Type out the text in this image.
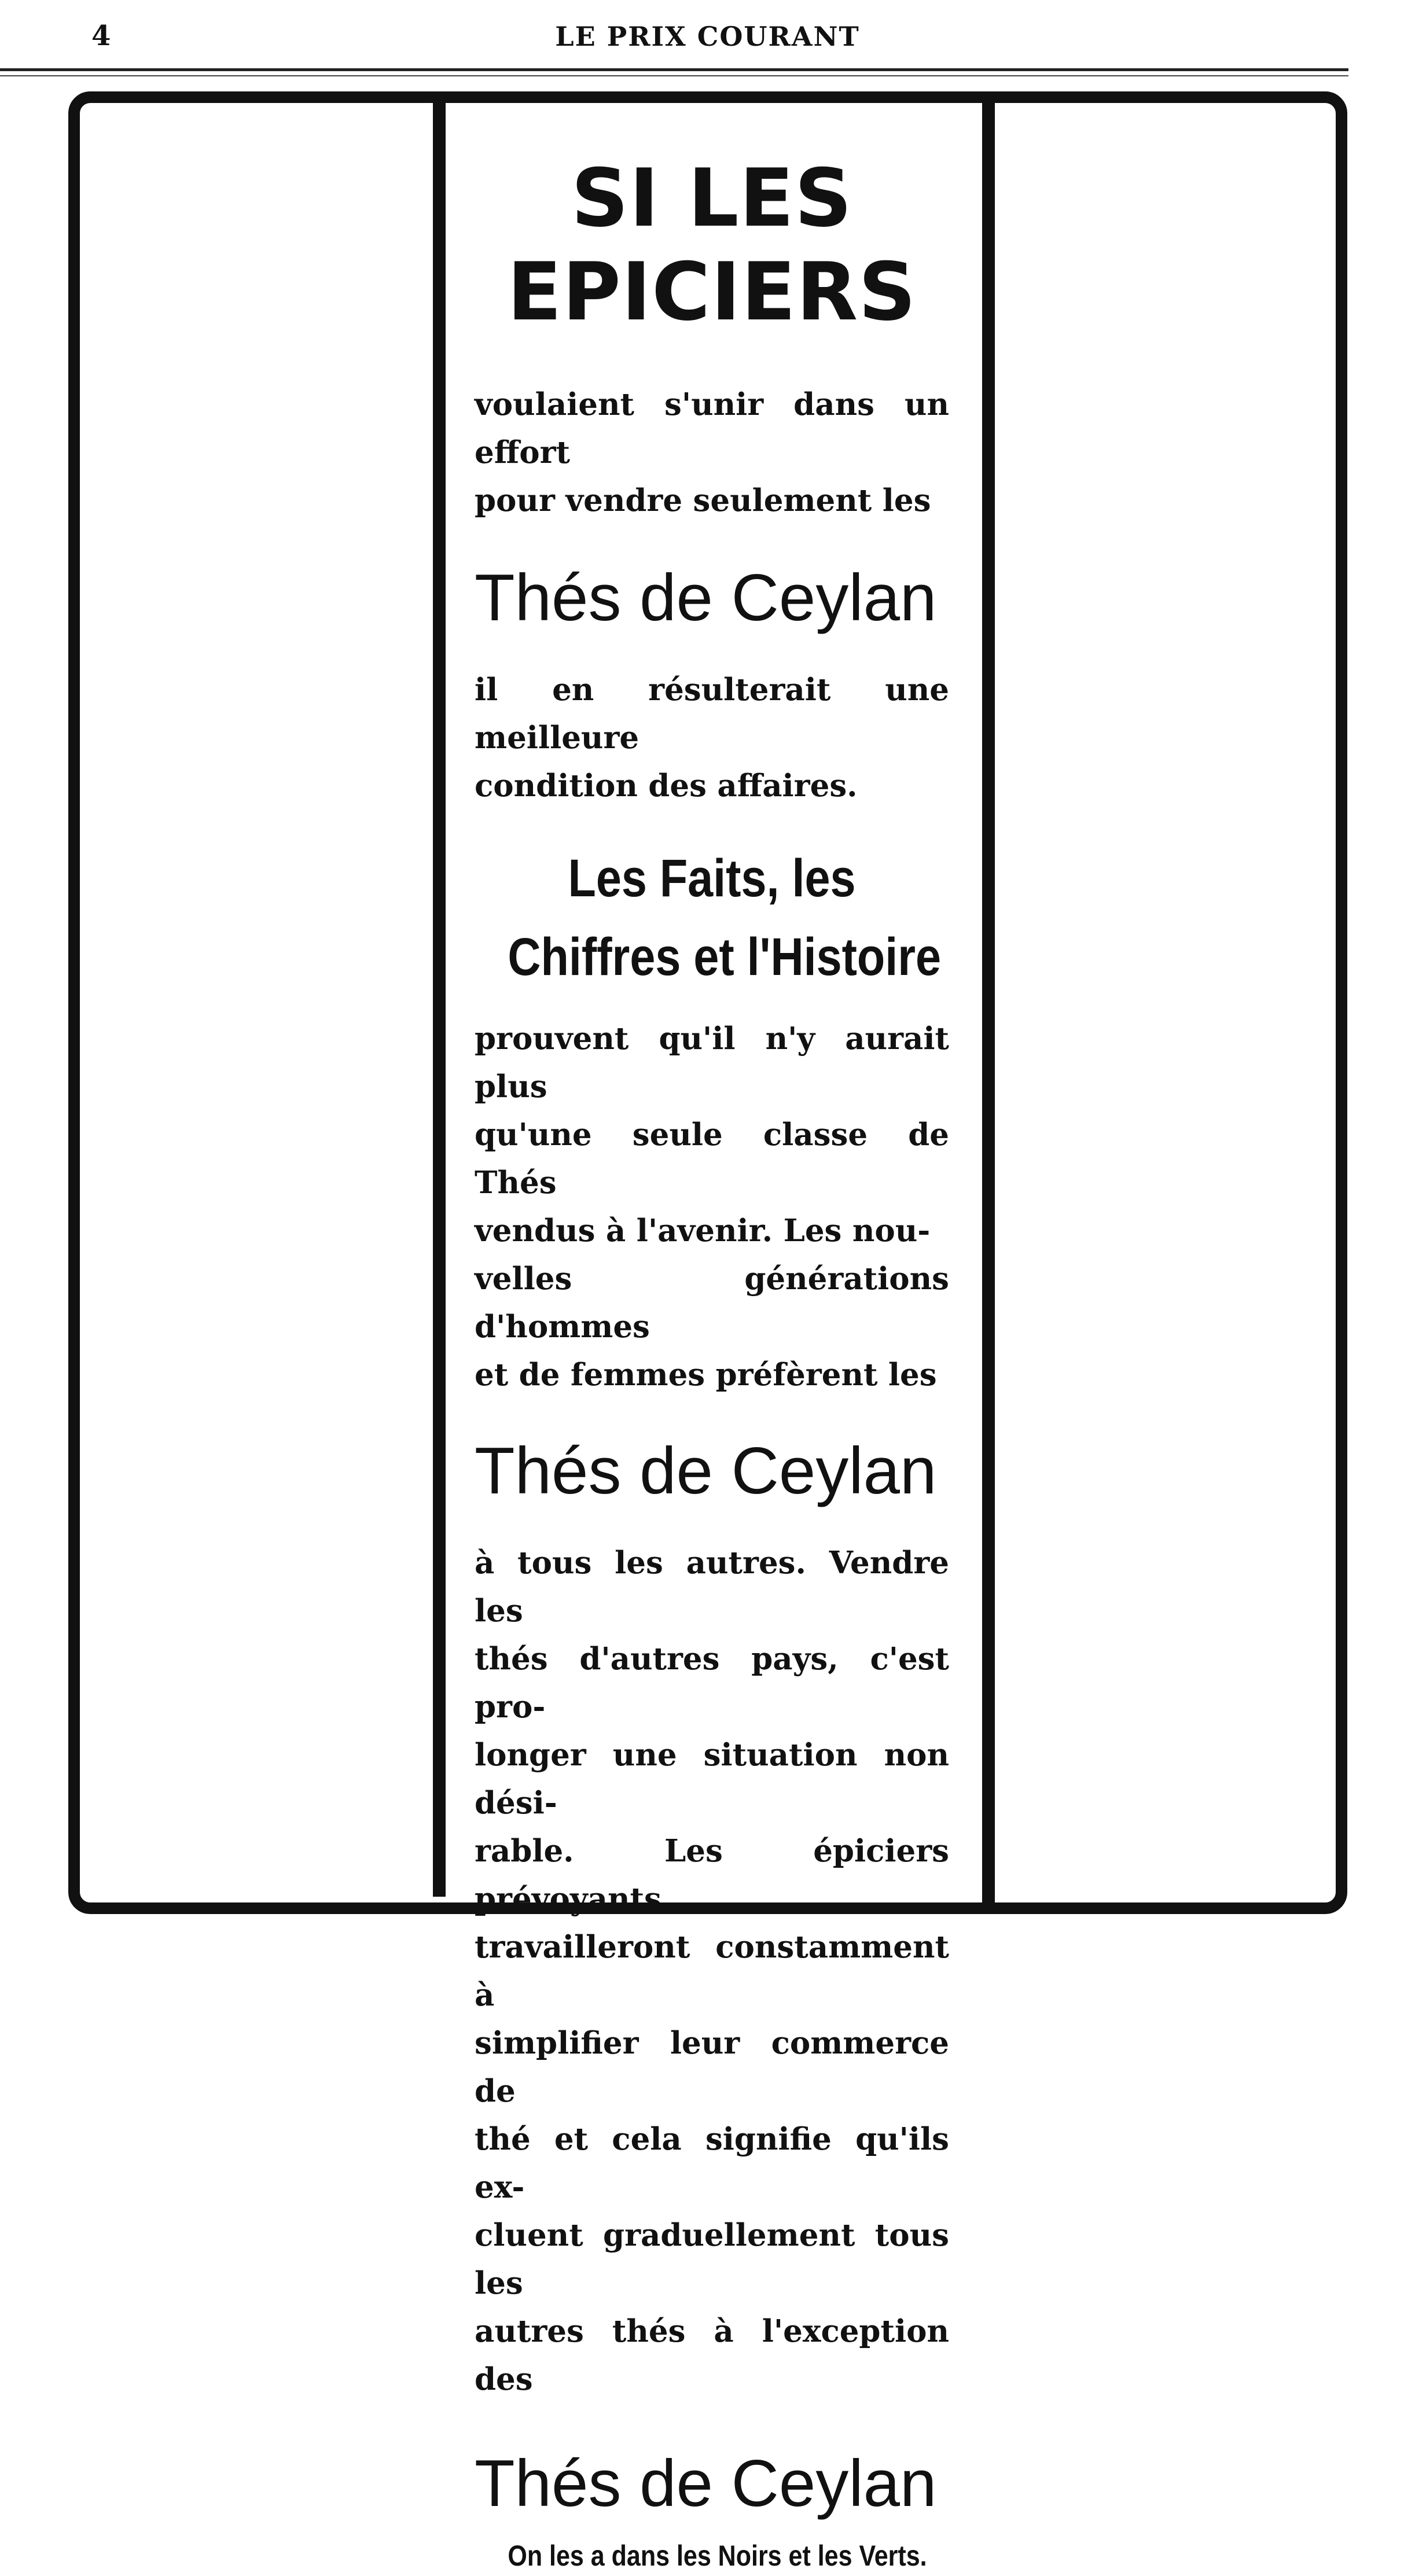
4	LE PRIX COURANT
SI LES
EPICIERS
voulaient s'unir dans un effort
pour vendre seulement les
Thés de Ceylan
il en résulterait une meilleure
condition des affaires.
Les Faits, les
Chiffres et l'Histoire
prouvent qu'il n'y aurait plus
qu'une seule classe de Thés
vendus à l'avenir. Les nou-
velles générations d'hommes
et de femmes préfèrent les
Thés de Ceylan
à tous les autres. Vendre les
thés d'autres pays, c'est pro-
longer une situation non dési-
rable. Les épiciers prévoyants
travailleront constamment à
simplifier leur commerce de
thé et cela signifie qu'ils ex-
cluent graduellement tous les
autres thés à l'exception des
Thés de Ceylan
On les a dans les Noirs et les Verts.
